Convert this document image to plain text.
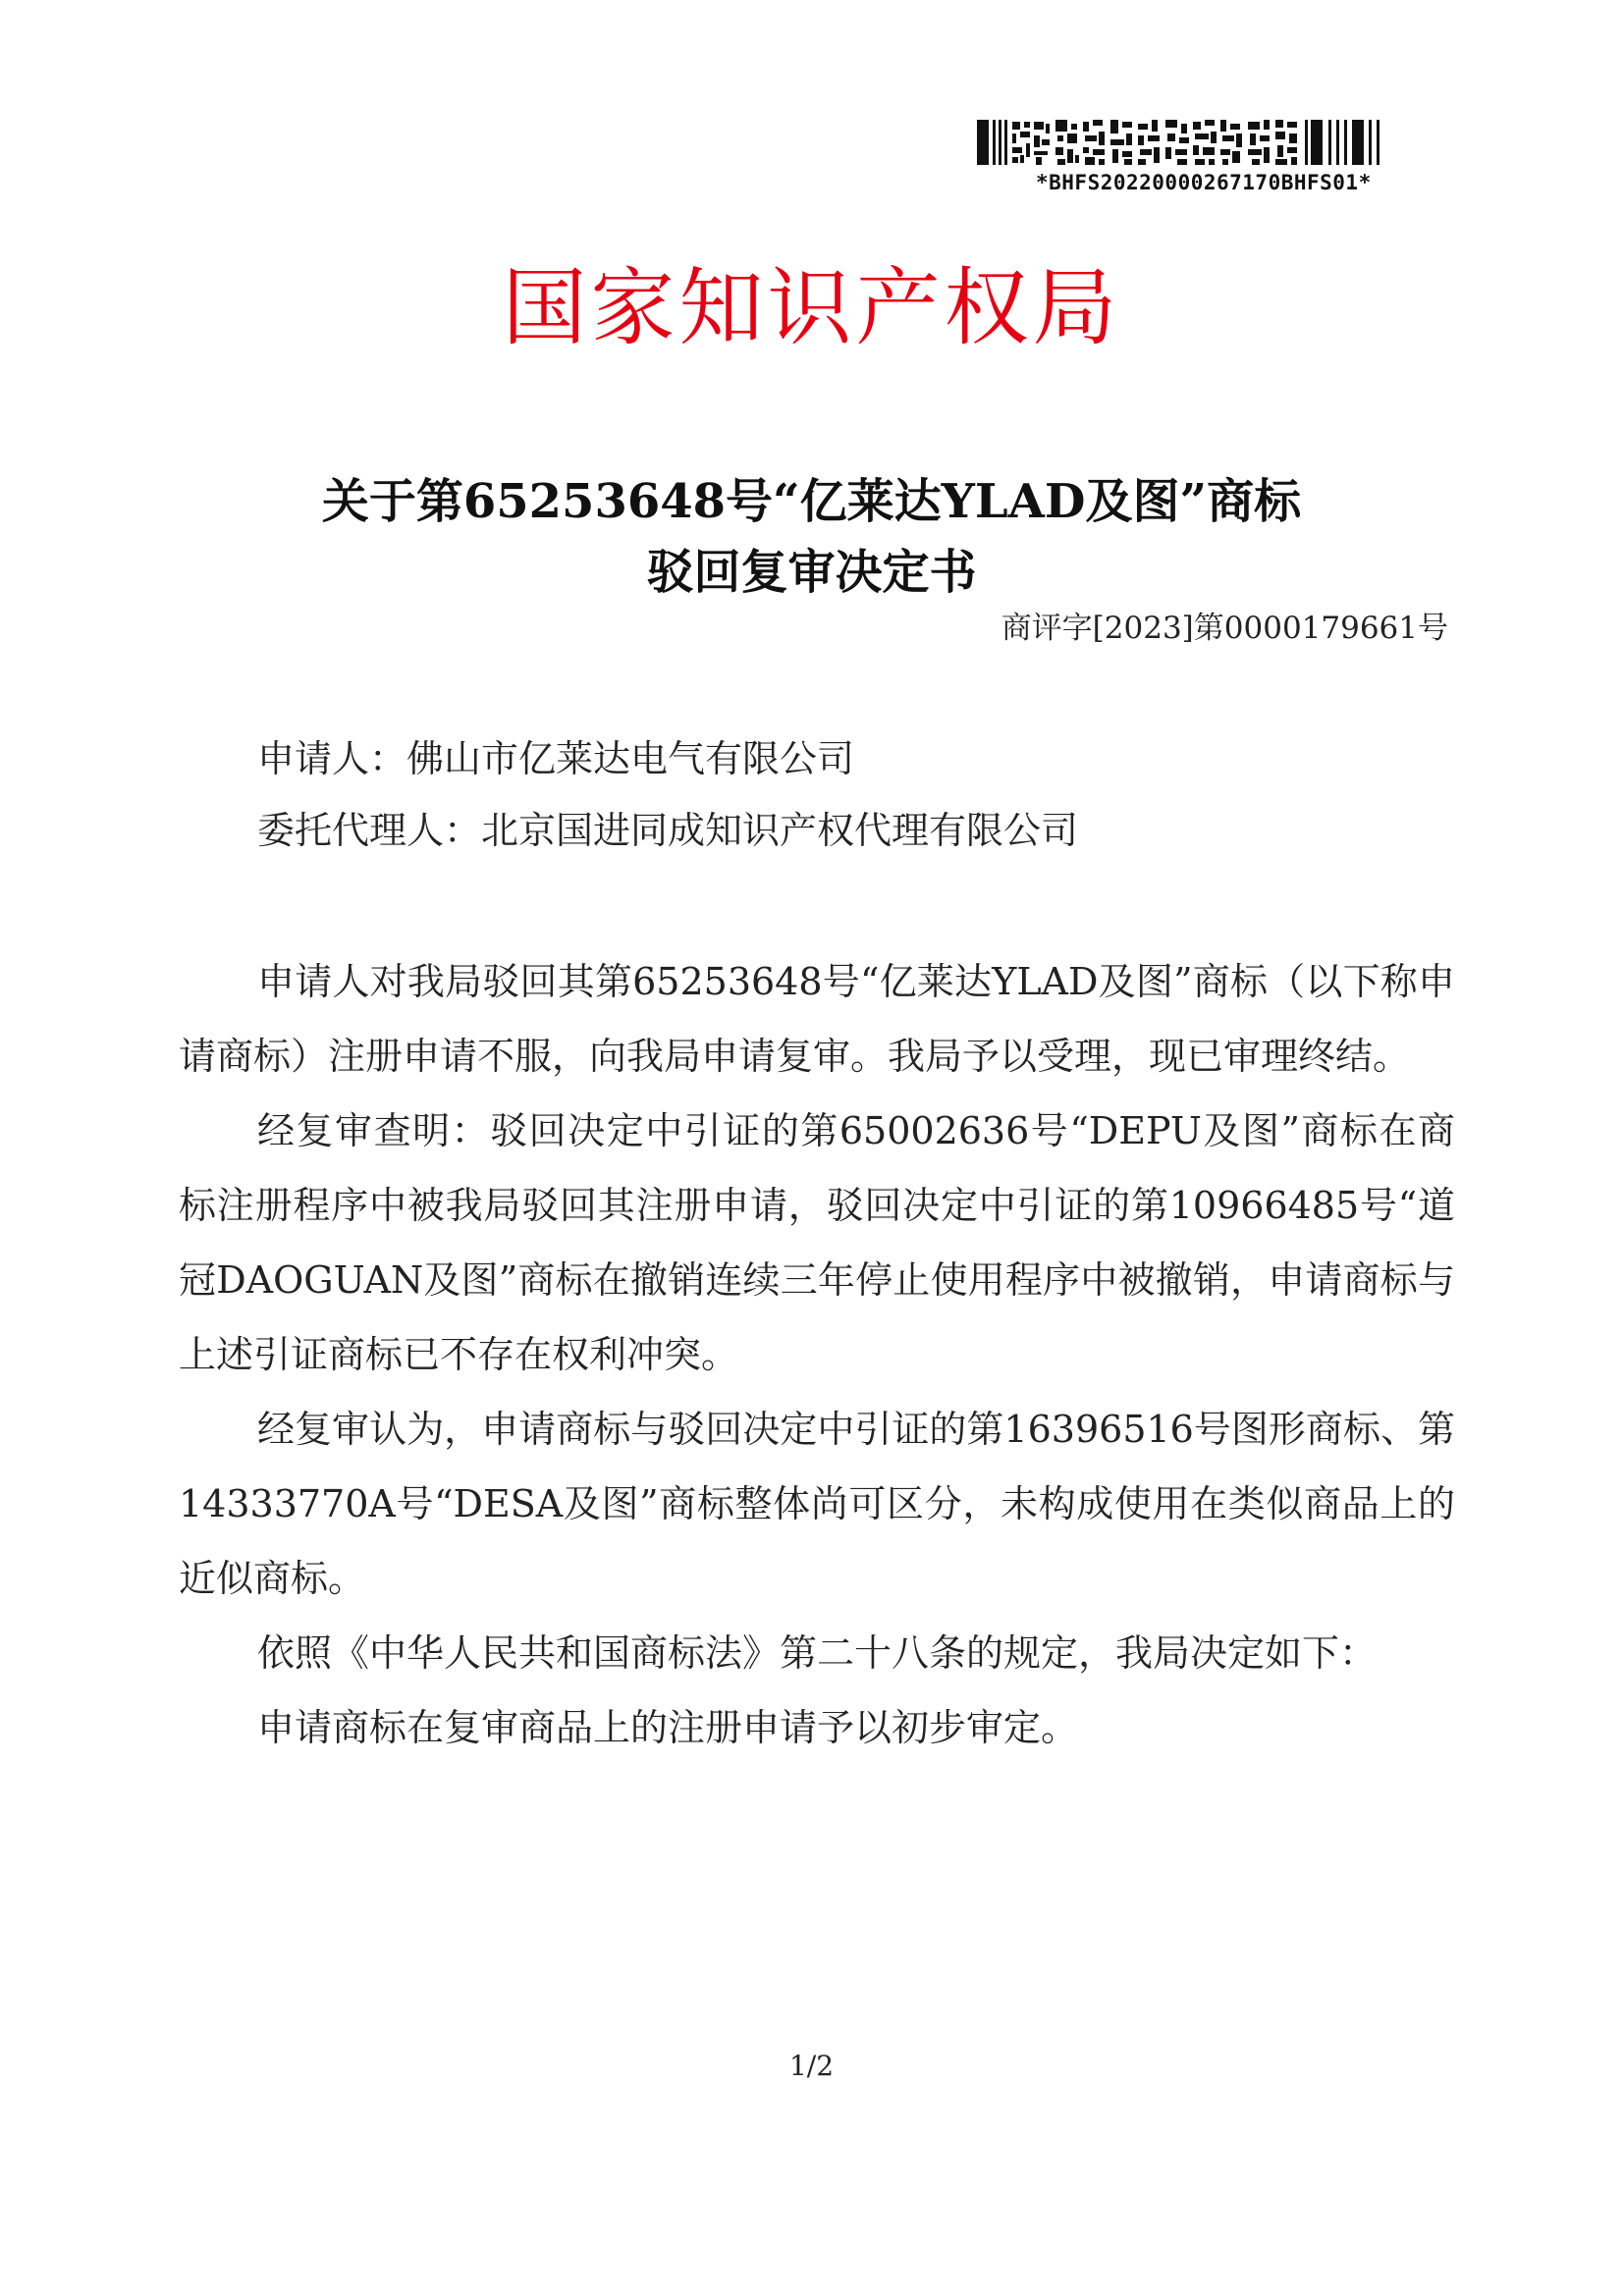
*BHFS20220000267170BHFS01*
国家知识产权局
关于第65253648号“亿莱达YLAD及图”商标
驳回复审决定书
商评字[2023]第0000179661号
申请人：佛山市亿莱达电气有限公司
委托代理人：北京国进同成知识产权代理有限公司

申请人对我局驳回其第65253648号“亿莱达YLAD及图”商标（以下称申请商标）注册申请不服，向我局申请复审。我局予以受理，现已审理终结。

经复审查明：驳回决定中引证的第65002636号“DEPU及图”商标在商标注册程序中被我局驳回其注册申请，驳回决定中引证的第10966485号“道冠DAOGUAN及图”商标在撤销连续三年停止使用程序中被撤销，申请商标与上述引证商标已不存在权利冲突。

经复审认为，申请商标与驳回决定中引证的第16396516号图形商标、第14333770A号“DESA及图”商标整体尚可区分，未构成使用在类似商品上的近似商标。

依照《中华人民共和国商标法》第二十八条的规定，我局决定如下：

申请商标在复审商品上的注册申请予以初步审定。

1/2
